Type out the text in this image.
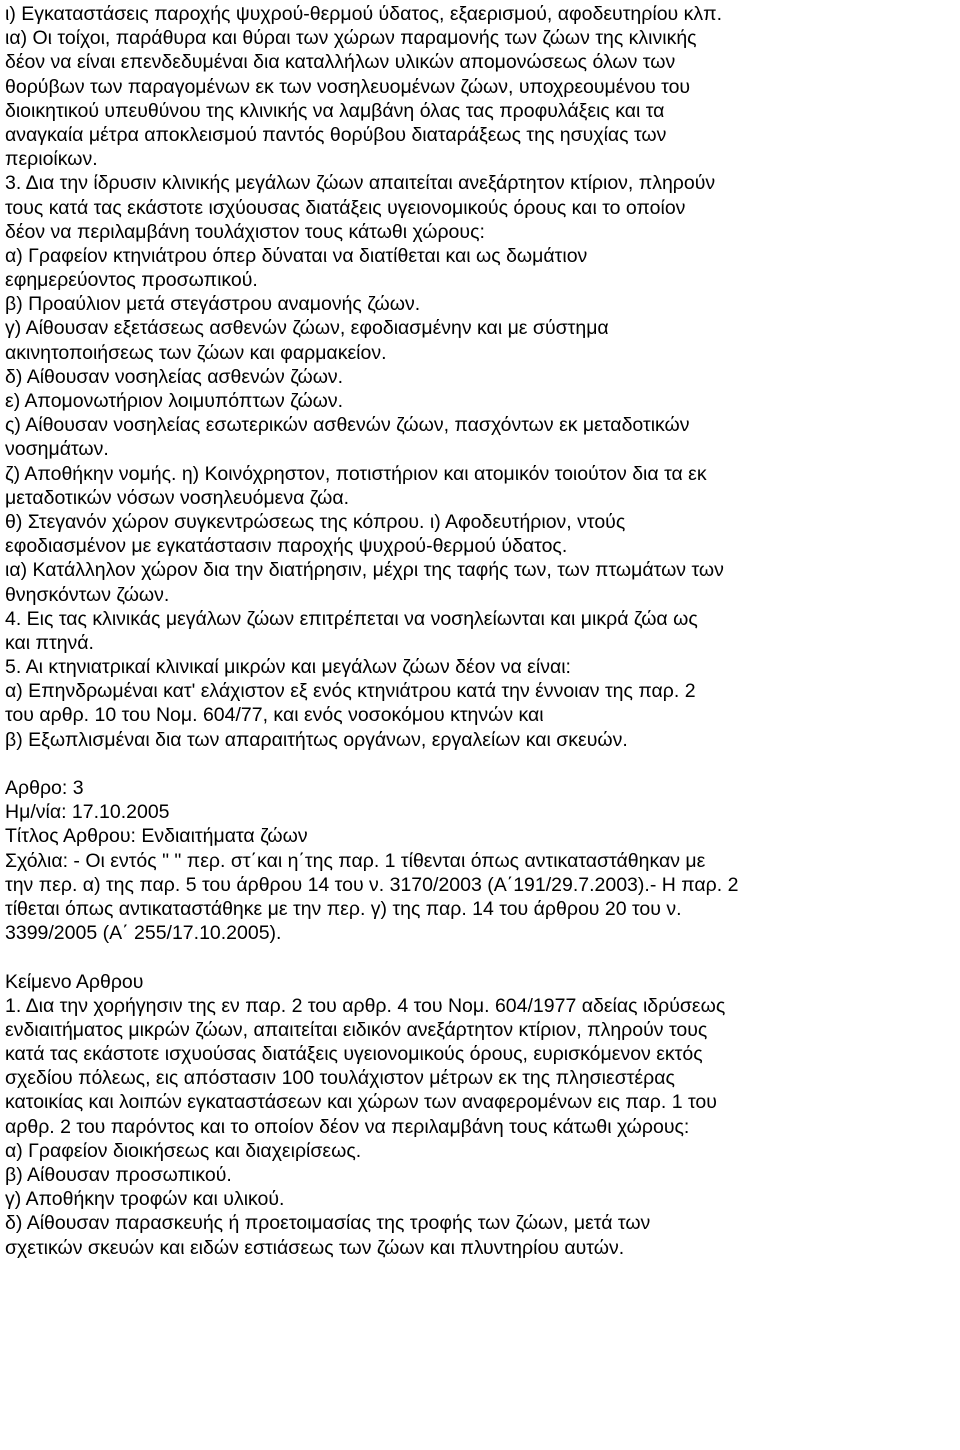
ι) Εγκαταστάσεις παροχής ψυχρού-θερμού ύδατος, εξαερισμού, αφοδευτηρίου κλπ.
ια) Οι τοίχοι, παράθυρα και θύραι των χώρων παραμονής των ζώων της κλινικής
δέον να είναι επενδεδυμέναι δια καταλλήλων υλικών απομονώσεως όλων των
θορύβων των παραγομένων εκ των νοσηλευομένων ζώων, υποχρεουμένου του
διοικητικού υπευθύνου της κλινικής να λαμβάνη όλας τας προφυλάξεις και τα
αναγκαία μέτρα αποκλεισμού παντός θορύβου διαταράξεως της ησυχίας των
περιοίκων.
3. Δια την ίδρυσιν κλινικής μεγάλων ζώων απαιτείται ανεξάρτητον κτίριον, πληρούν
τους κατά τας εκάστοτε ισχύουσας διατάξεις υγειονομικούς όρους και το οποίον
δέον να περιλαμβάνη τουλάχιστον τους κάτωθι χώρους:
α) Γραφείον κτηνιάτρου όπερ δύναται να διατίθεται και ως δωμάτιον
εφημερεύοντος προσωπικού.
β) Προαύλιον μετά στεγάστρου αναμονής ζώων.
γ) Αίθουσαν εξετάσεως ασθενών ζώων, εφοδιασμένην και με σύστημα
ακινητοποιήσεως των ζώων και φαρμακείον.
δ) Αίθουσαν νοσηλείας ασθενών ζώων.
ε) Απομονωτήριον λοιμυπόπτων ζώων.
ς) Αίθουσαν νοσηλείας εσωτερικών ασθενών ζώων, πασχόντων εκ μεταδοτικών
νοσημάτων.
ζ) Αποθήκην νομής. η) Κοινόχρηστον, ποτιστήριον και ατομικόν τοιούτον δια τα εκ
μεταδοτικών νόσων νοσηλευόμενα ζώα.
θ) Στεγανόν χώρον συγκεντρώσεως της κόπρου. ι) Αφοδευτήριον, ντούς
εφοδιασμένον με εγκατάστασιν παροχής ψυχρού-θερμού ύδατος.
ια) Κατάλληλον χώρον δια την διατήρησιν, μέχρι της ταφής των, των πτωμάτων των
θνησκόντων ζώων.
4. Εις τας κλινικάς μεγάλων ζώων επιτρέπεται να νοσηλείωνται και μικρά ζώα ως
και πτηνά.
5. Αι κτηνιατρικαί κλινικαί μικρών και μεγάλων ζώων δέον να είναι:
α) Επηνδρωμέναι κατ' ελάχιστον εξ ενός κτηνιάτρου κατά την έννοιαν της παρ. 2
του αρθρ. 10 του Νομ. 604/77, και ενός νοσοκόμου κτηνών και
β) Εξωπλισμέναι δια των απαραιτήτως οργάνων, εργαλείων και σκευών.
Αρθρο: 3
Ημ/νία: 17.10.2005
Τίτλος Αρθρου: Ενδιαιτήματα ζώων
Σχόλια: - Οι εντός " " περ. στ΄και η΄της παρ. 1 τίθενται όπως αντικαταστάθηκαν με
την περ. α) της παρ. 5 του άρθρου 14 του ν. 3170/2003 (Α΄191/29.7.2003).- Η παρ. 2
τίθεται όπως αντικαταστάθηκε με την περ. γ) της παρ. 14 του άρθρου 20 του ν.
3399/2005 (Α΄ 255/17.10.2005).
Κείμενο Αρθρου
1. Δια την χορήγησιν της εν παρ. 2 του αρθρ. 4 του Νομ. 604/1977 αδείας ιδρύσεως
ενδιαιτήματος μικρών ζώων, απαιτείται ειδικόν ανεξάρτητον κτίριον, πληρούν τους
κατά τας εκάστοτε ισχυούσας διατάξεις υγειονομικούς όρους, ευρισκόμενον εκτός
σχεδίου πόλεως, εις απόστασιν 100 τουλάχιστον μέτρων εκ της πλησιεστέρας
κατοικίας και λοιπών εγκαταστάσεων και χώρων των αναφερομένων εις παρ. 1 του
αρθρ. 2 του παρόντος και το οποίον δέον να περιλαμβάνη τους κάτωθι χώρους:
α) Γραφείον διοικήσεως και διαχειρίσεως.
β) Αίθουσαν προσωπικού.
γ) Αποθήκην τροφών και υλικού.
δ) Αίθουσαν παρασκευής ή προετοιμασίας της τροφής των ζώων, μετά των
σχετικών σκευών και ειδών εστιάσεως των ζώων και πλυντηρίου αυτών.
